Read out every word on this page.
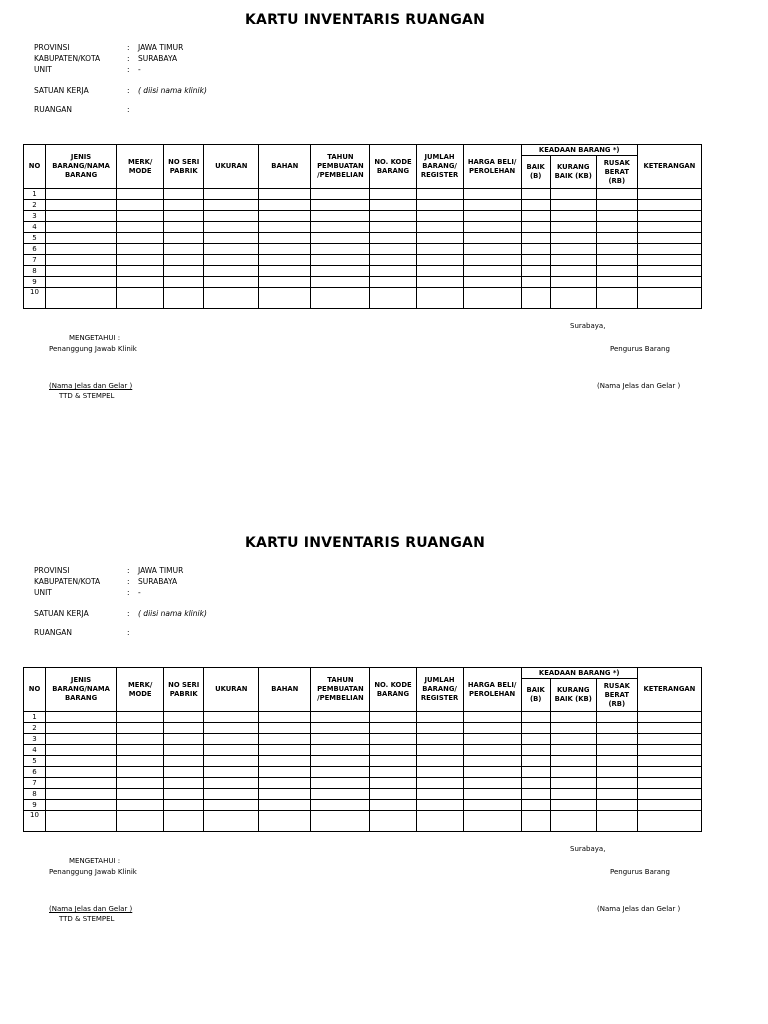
KARTU INVENTARIS RUANGAN
PROVINSI	: JAWA TIMUR
KABUPATEN/KOTA	: SURABAYA
UNIT	: -
SATUAN KERJA	: ( diisi nama klinik)
RUANGAN	:
NO	JENIS BARANG/NAMA BARANG	MERK/ MODE	NO SERI PABRIK	UKURAN	BAHAN	TAHUN PEMBUATAN /PEMBELIAN	NO. KODE BARANG	JUMLAH BARANG/ REGISTER	HARGA BELI/ PEROLEHAN	KEADAAN BARANG *)			KETERANGAN
										BAIK (B)	KURANG BAIK (KB)	RUSAK BERAT (RB)	
1													
2													
3													
4													
5													
6													
7													
8													
9													
10													
Surabaya,
MENGETAHUI :
Penanggung Jawab Klinik	Pengurus Barang
(Nama Jelas dan Gelar )
TTD & STEMPEL
(Nama Jelas dan Gelar )
KARTU INVENTARIS RUANGAN
PROVINSI	: JAWA TIMUR
KABUPATEN/KOTA	: SURABAYA
UNIT	: -
SATUAN KERJA	: ( diisi nama klinik)
RUANGAN	:
NO	JENIS BARANG/NAMA BARANG	MERK/ MODE	NO SERI PABRIK	UKURAN	BAHAN	TAHUN PEMBUATAN /PEMBELIAN	NO. KODE BARANG	JUMLAH BARANG/ REGISTER	HARGA BELI/ PEROLEHAN	KEADAAN BARANG *)			KETERANGAN
										BAIK (B)	KURANG BAIK (KB)	RUSAK BERAT (RB)	
1													
2													
3													
4													
5													
6													
7													
8													
9													
10													
Surabaya,
MENGETAHUI :
Penanggung Jawab Klinik	Pengurus Barang
(Nama Jelas dan Gelar )
TTD & STEMPEL
(Nama Jelas dan Gelar )
